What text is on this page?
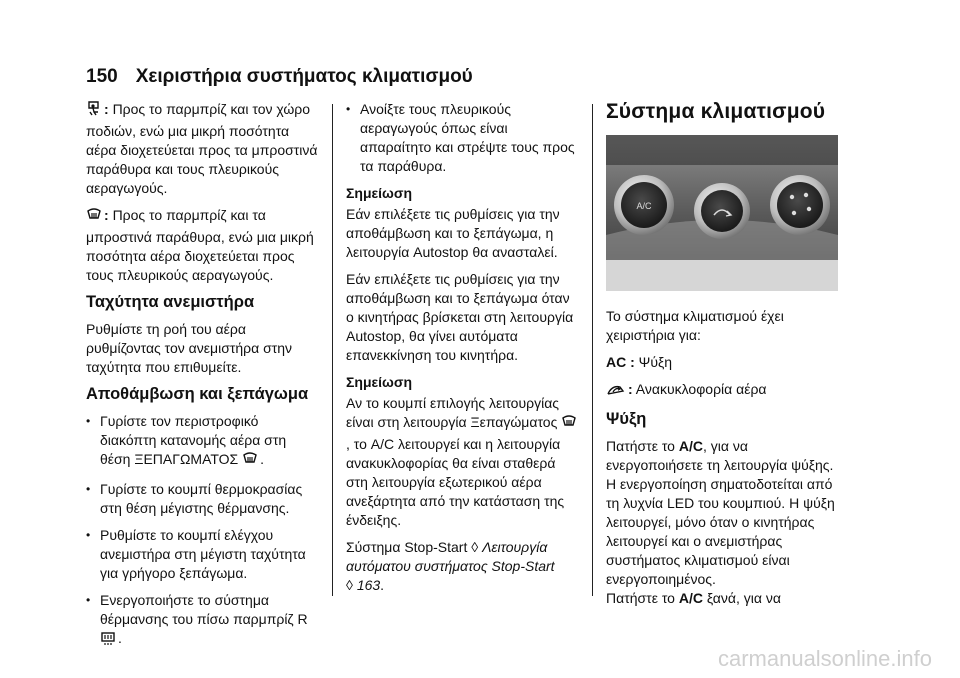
150 Χειριστήρια συστήματος κλιματισμού

: Προς το παρμπρίζ και τον χώρο ποδιών, ενώ μια μικρή ποσότητα αέρα διοχετεύεται προς τα μπροστινά παράθυρα και τους πλευρικούς αεραγωγούς.

: Προς το παρμπρίζ και τα μπροστινά παράθυρα, ενώ μια μικρή ποσότητα αέρα διοχετεύεται προς τους πλευρικούς αεραγωγούς.

Ταχύτητα ανεμιστήρα

Ρυθμίστε τη ροή του αέρα ρυθμίζοντας τον ανεμιστήρα στην ταχύτητα που επιθυμείτε.

Αποθάμβωση και ξεπάγωμα
• Γυρίστε τον περιστροφικό διακόπτη κατανομής αέρα στη θέση ΞΕΠΑΓΩΜΑΤΟΣ .
• Γυρίστε το κουμπί θερμοκρασίας στη θέση μέγιστης θέρμανσης.
• Ρυθμίστε το κουμπί ελέγχου ανεμιστήρα στη μέγιστη ταχύτητα για γρήγορο ξεπάγωμα.
• Ενεργοποιήστε το σύστημα θέρμανσης του πίσω παρμπρίζ R.
• Ανοίξτε τους πλευρικούς αεραγωγούς όπως είναι απαραίτητο και στρέψτε τους προς τα παράθυρα.

Σημείωση

Εάν επιλέξετε τις ρυθμίσεις για την αποθάμβωση και το ξεπάγωμα, η λειτουργία Autostop θα ανασταλεί.

Εάν επιλέξετε τις ρυθμίσεις για την αποθάμβωση και το ξεπάγωμα όταν ο κινητήρας βρίσκεται στη λειτουργία Autostop, θα γίνει αυτόματα επανεκκίνηση του κινητήρα.

Σημείωση

Αν το κουμπί επιλογής λειτουργίας είναι στη λειτουργία Ξεπαγώματος , το A/C λειτουργεί και η λειτουργία ανακυκλοφορίας θα είναι σταθερά στη λειτουργία εξωτερικού αέρα ανεξάρτητα από την κατάσταση της ένδειξης.

Σύστημα Stop-Start ◊ Λειτουργία αυτόματου συστήματος Stop-Start
◊ 163.

Σύστημα κλιματισμού
A/C

Το σύστημα κλιματισμού έχει χειριστήρια για:

AC : Ψύξη

: Ανακυκλοφορία αέρα

Ψύξη

Πατήστε το A/C, για να ενεργοποιήσετε τη λειτουργία ψύξης. Η ενεργοποίηση σηματοδοτείται από τη λυχνία LED του κουμπιού. Η ψύξη λειτουργεί, μόνο όταν ο κινητήρας λειτουργεί και ο ανεμιστήρας συστήματος κλιματισμού είναι ενεργοποιημένος.
Πατήστε το A/C ξανά, για να

carmanualsonline.info
